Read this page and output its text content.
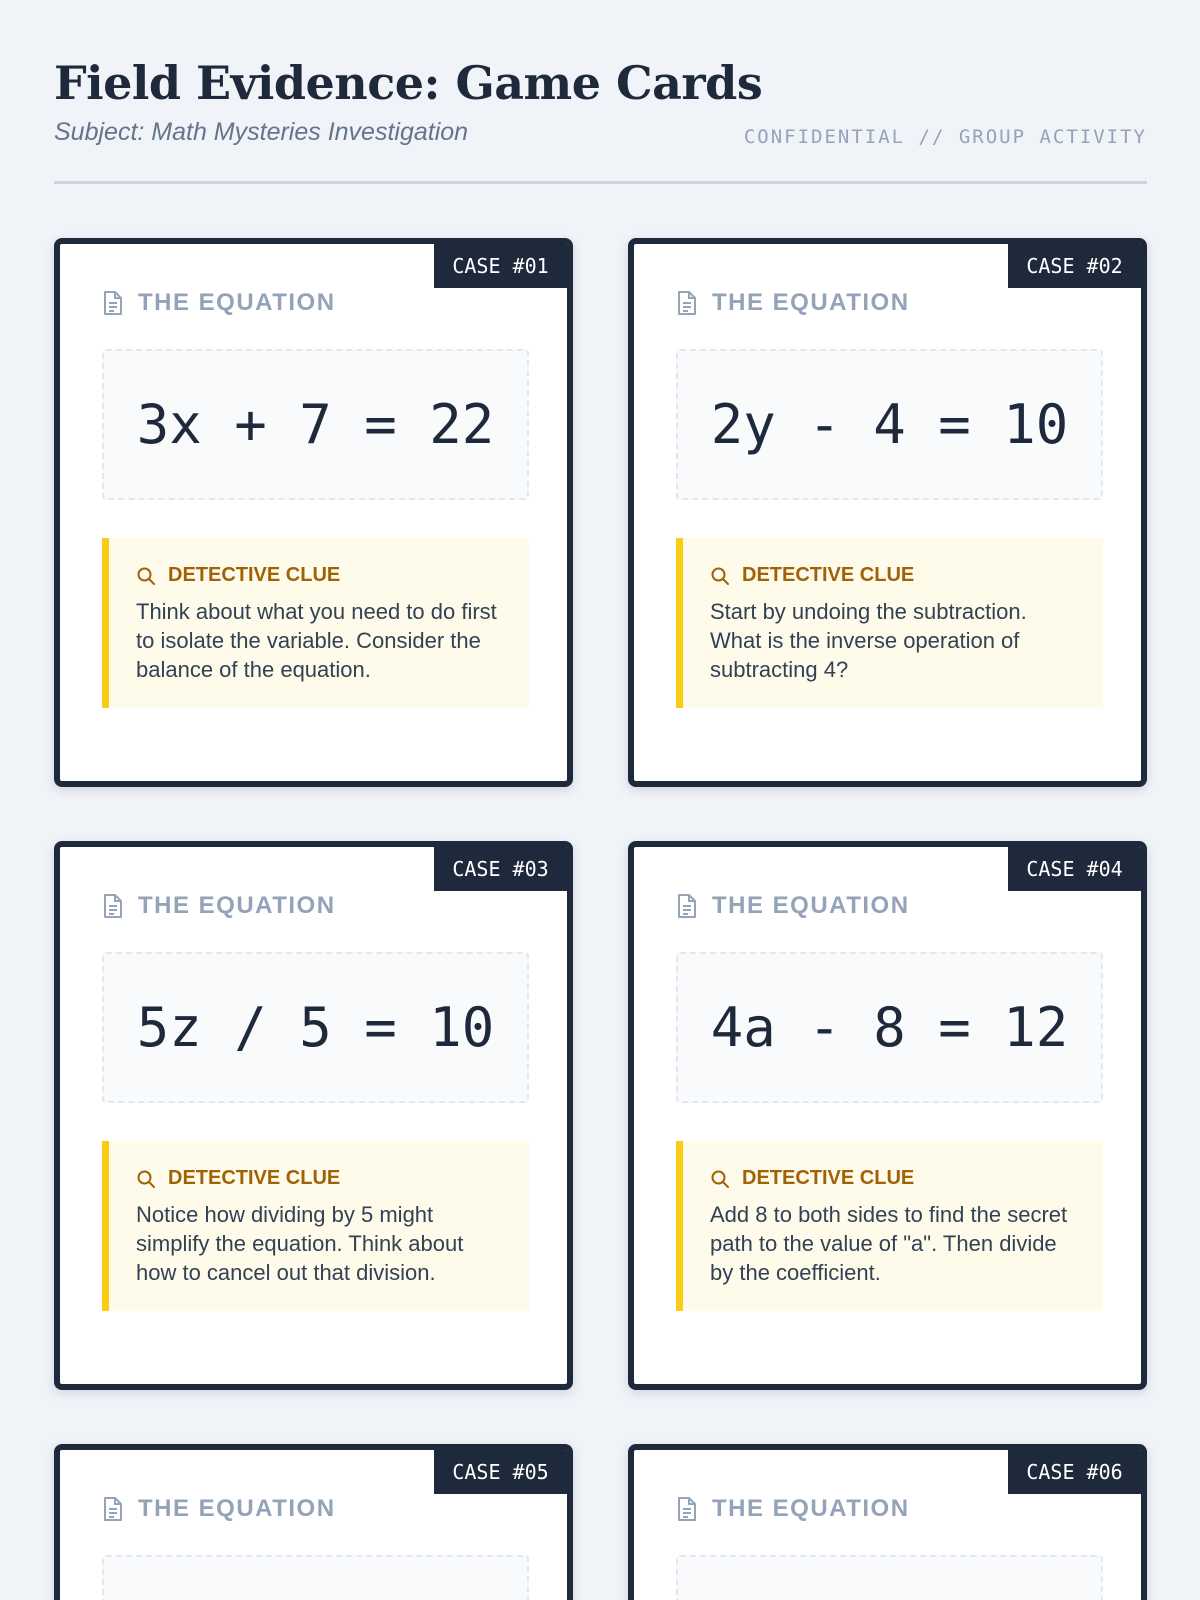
Field Evidence: Game Cards
Subject: Math Mysteries Investigation	CONFIDENTIAL // GROUP ACTIVITY
CASE #01
THE EQUATION
3x + 7 = 22
DETECTIVE CLUE

Think about what you need to do first to isolate the variable. Consider the balance of the equation.

CASE #02
THE EQUATION
2y - 4 = 10
DETECTIVE CLUE

Start by undoing the subtraction. What is the inverse operation of subtracting 4?

CASE #03
THE EQUATION
5z / 5 = 10
DETECTIVE CLUE

Notice how dividing by 5 might simplify the equation. Think about how to cancel out that division.

CASE #04
THE EQUATION
4a - 8 = 12
DETECTIVE CLUE

Add 8 to both sides to find the secret path to the value of "a". Then divide by the coefficient.

CASE #05
THE EQUATION
CASE #06
THE EQUATION
